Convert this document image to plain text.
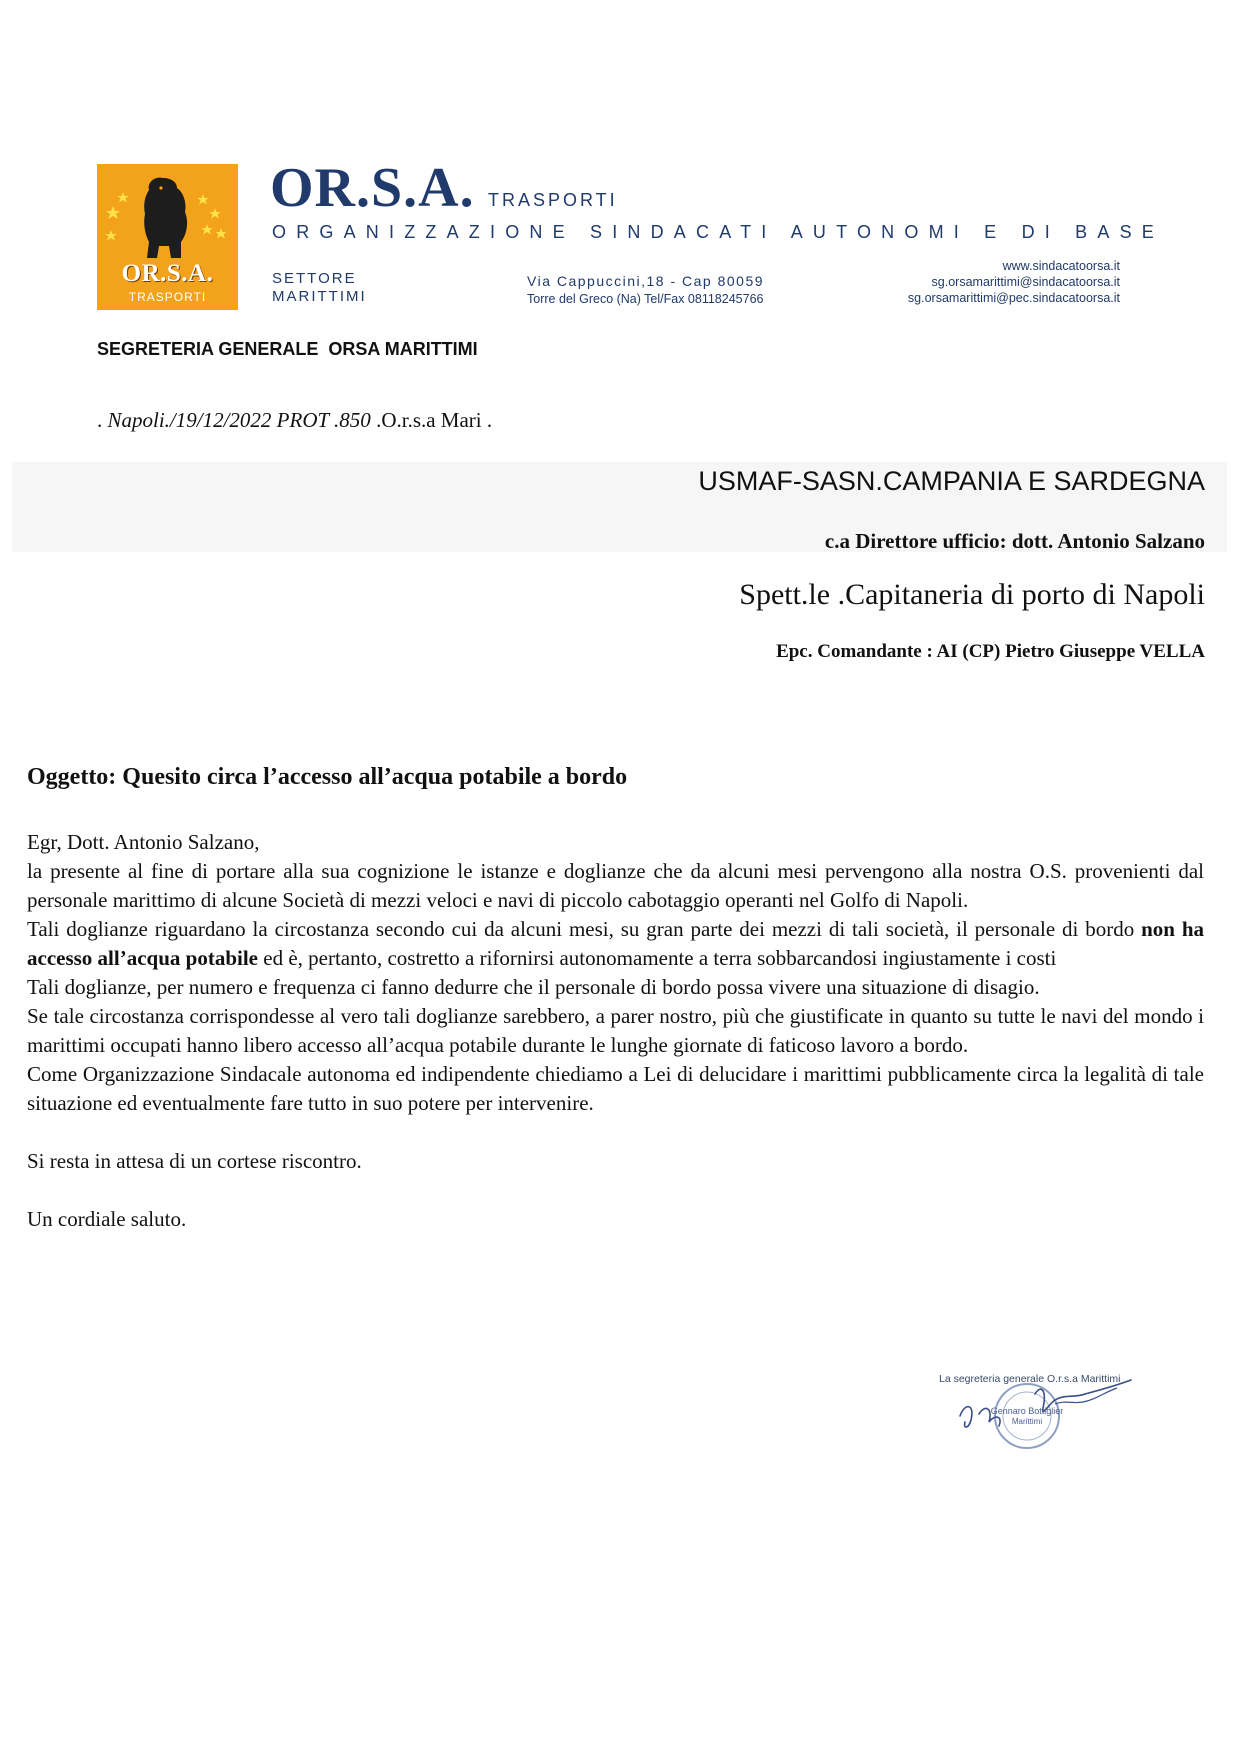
OR.S.A.
TRASPORTI
OR.S.A. TRASPORTI
ORGANIZZAZIONE SINDACATI AUTONOMI E DI BASE
SETTORE
MARITTIMI
Via Cappuccini,18 - Cap 80059
Torre del Greco (Na) Tel/Fax 08118245766
www.sindacatoorsa.it
sg.orsamarittimi@sindacatoorsa.it
sg.orsamarittimi@pec.sindacatoorsa.it
SEGRETERIA GENERALE  ORSA MARITTIMI
. Napoli./19/12/2022 PROT .850 .O.r.s.a Mari .
USMAF-SASN.CAMPANIA E SARDEGNA
c.a Direttore ufficio: dott. Antonio Salzano
Spett.le .Capitaneria di porto di Napoli
Epc. Comandante : AI (CP) Pietro Giuseppe VELLA
Oggetto: Quesito circa l’accesso all’acqua potabile a bordo

Egr, Dott. Antonio Salzano,

la presente al fine di portare alla sua cognizione le istanze e doglianze che da alcuni mesi pervengono alla nostra O.S. provenienti dal personale marittimo di alcune Società di mezzi veloci e navi di piccolo cabotaggio operanti nel Golfo di Napoli.

Tali doglianze riguardano la circostanza secondo cui da alcuni mesi, su gran parte dei mezzi di tali società, il personale di bordo non ha accesso all’acqua potabile ed è, pertanto, costretto a rifornirsi autonomamente a terra sobbarcandosi ingiustamente i costi

Tali doglianze, per numero e frequenza ci fanno dedurre che il personale di bordo possa vivere una situazione di disagio.

Se tale circostanza corrispondesse al vero tali doglianze sarebbero, a parer nostro, più che giustificate in quanto su tutte le navi del mondo i marittimi occupati hanno libero accesso all’acqua potabile durante le lunghe giornate di faticoso lavoro a bordo.

Come Organizzazione Sindacale autonoma ed indipendente chiediamo a Lei di delucidare i marittimi pubblicamente circa la legalità di tale situazione ed eventualmente fare tutto in suo potere per intervenire.

Si resta in attesa di un cortese riscontro.

Un cordiale saluto.

La segreteria generale O.r.s.a Marittimi
Gennaro Bottiglier
Marittimi
